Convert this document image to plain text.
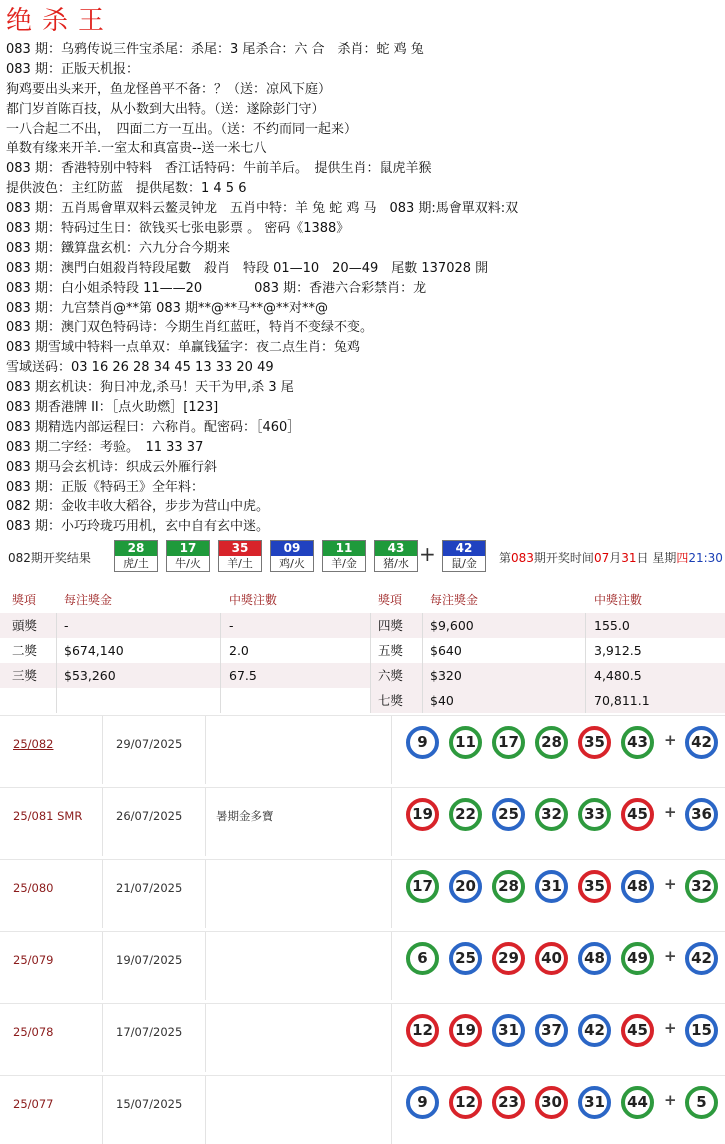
绝杀王
083 期：乌鸦传说三件宝杀尾：杀尾：3 尾杀合：六 合　杀肖：蛇 鸡 兔
083 期：正版天机报：
狗鸡要出头来开，鱼龙怪兽平不备：？（送：凉风下庭）
都门岁首陈百技，从小数到大出特。（送：遂除彭门守）
一八合起二不出，　四面二方一互出。（送：不约而同一起来）
单数有缘来开羊.一室太和真富贵--送一米七八
083 期：香港特别中特料　香江话特码：牛前羊后。　提供生肖：鼠虎羊猴
提供波色：主红防蓝　提供尾数：1 4 5 6
083 期：五肖馬會單双料云鳌灵钟龙　五肖中特：羊 兔 蛇 鸡 马　083 期:馬會單双料:双
083 期：特码过生日：欲钱买七张电影票 。 密码《1388》
083 期：鐵算盘玄机：六九分合今期来
083 期：澳門白姐殺肖特段尾數　殺肖　特段 01—10　20—49　尾數 137028 開
083 期：白小姐杀特段 11——20　　　　083 期：香港六合彩禁肖：龙
083 期：九宫禁肖@**第 083 期**@**马**@**对**@
083 期：澳门双色特码诗：今期生肖红蓝旺，特肖不变绿不变。
083 期雪域中特料一点单双：单赢钱猛字：夜二点生肖：兔鸡
雪域送码：03 16 26 28 34 45 13 33 20 49
083 期玄机诀：狗日冲龙,杀马！天干为甲,杀 3 尾
083 期香港牌 II：［点火助燃］[123]
083 期精选内部运程曰：六称肖。配密码：［460］
083 期二字经：考验。　11 33 37
083 期马会玄机诗：织成云外雁行斜
083 期：正版《特码王》全年料：
082 期：金收丰收大稻谷，步步为营山中虎。
083 期：小巧玲珑巧用机，玄中自有玄中迷。
082期开奖结果
28
虎/土
17
牛/火
35
羊/土
09
鸡/火
11
羊/金
43
猪/水
42
鼠/金
+	第083期开奖时间07月31日 星期四21:30
獎項 每注獎金	中獎注數	獎項 每注獎金	中獎注數
頭獎 -	-	四獎 $9,600	155.0
二獎 $674,140	2.0	五獎 $640	3,912.5
三獎 $53,260	67.5	六獎 $320	4,480.5
七獎 $40	70,811.1
25/082	29/07/2025	9	11	17	28	35	43	+ 42
25/081 SMR	26/07/2025	暑期金多寶	19	22	25	32	33	45	+ 36
25/080	21/07/2025	17	20	28	31	35	48	+ 32
25/079	19/07/2025	6	25	29	40	48	49	+ 42
25/078	17/07/2025	12	19	31	37	42	45	+ 15
25/077	15/07/2025	9	12	23	30	31	44	+	5
